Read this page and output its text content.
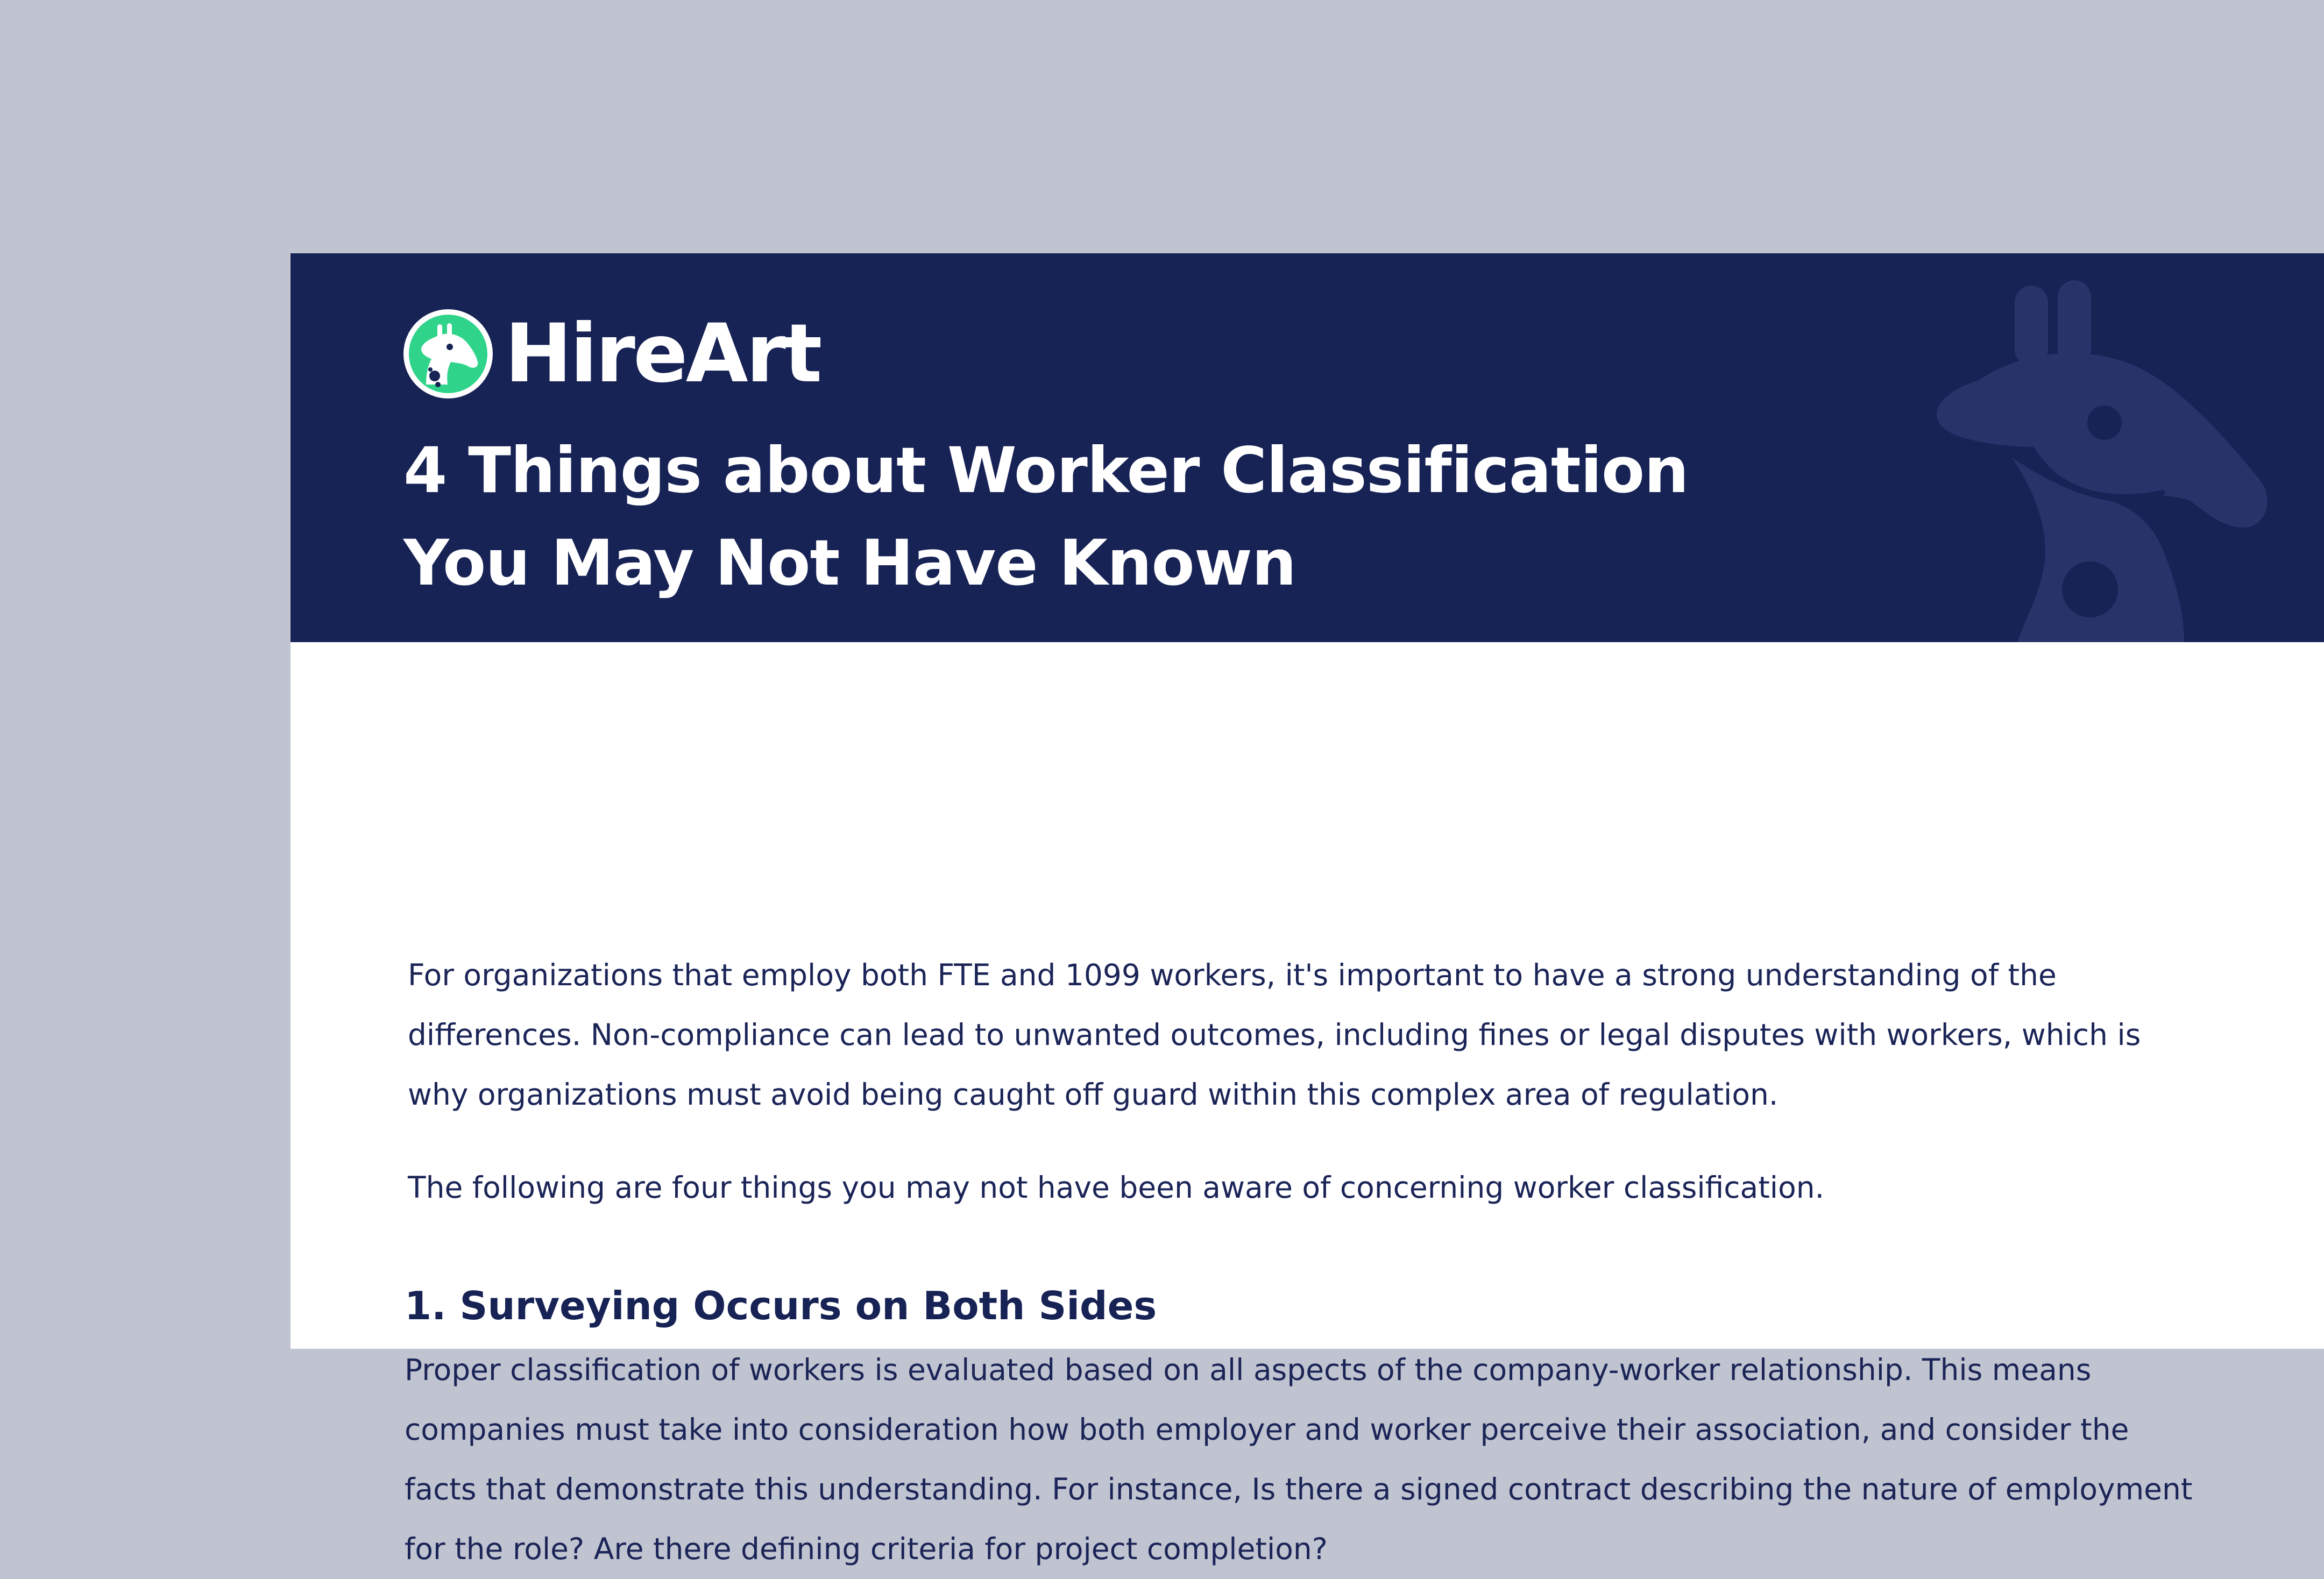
HireArt
4 Things about Worker Classification
You May Not Have Known

For organizations that employ both FTE and 1099 workers, it's important to have a strong understanding of the differences. Non-compliance can lead to unwanted outcomes, including fines or legal disputes with workers, which is why organizations must avoid being caught off guard within this complex area of regulation.

The following are four things you may not have been aware of concerning worker classification.

1. Surveying Occurs on Both Sides

Proper classification of workers is evaluated based on all aspects of the company-worker relationship. This means companies must take into consideration how both employer and worker perceive their association, and consider the facts that demonstrate this understanding. For instance, Is there a signed contract describing the nature of employment for the role? Are there defining criteria for project completion?
